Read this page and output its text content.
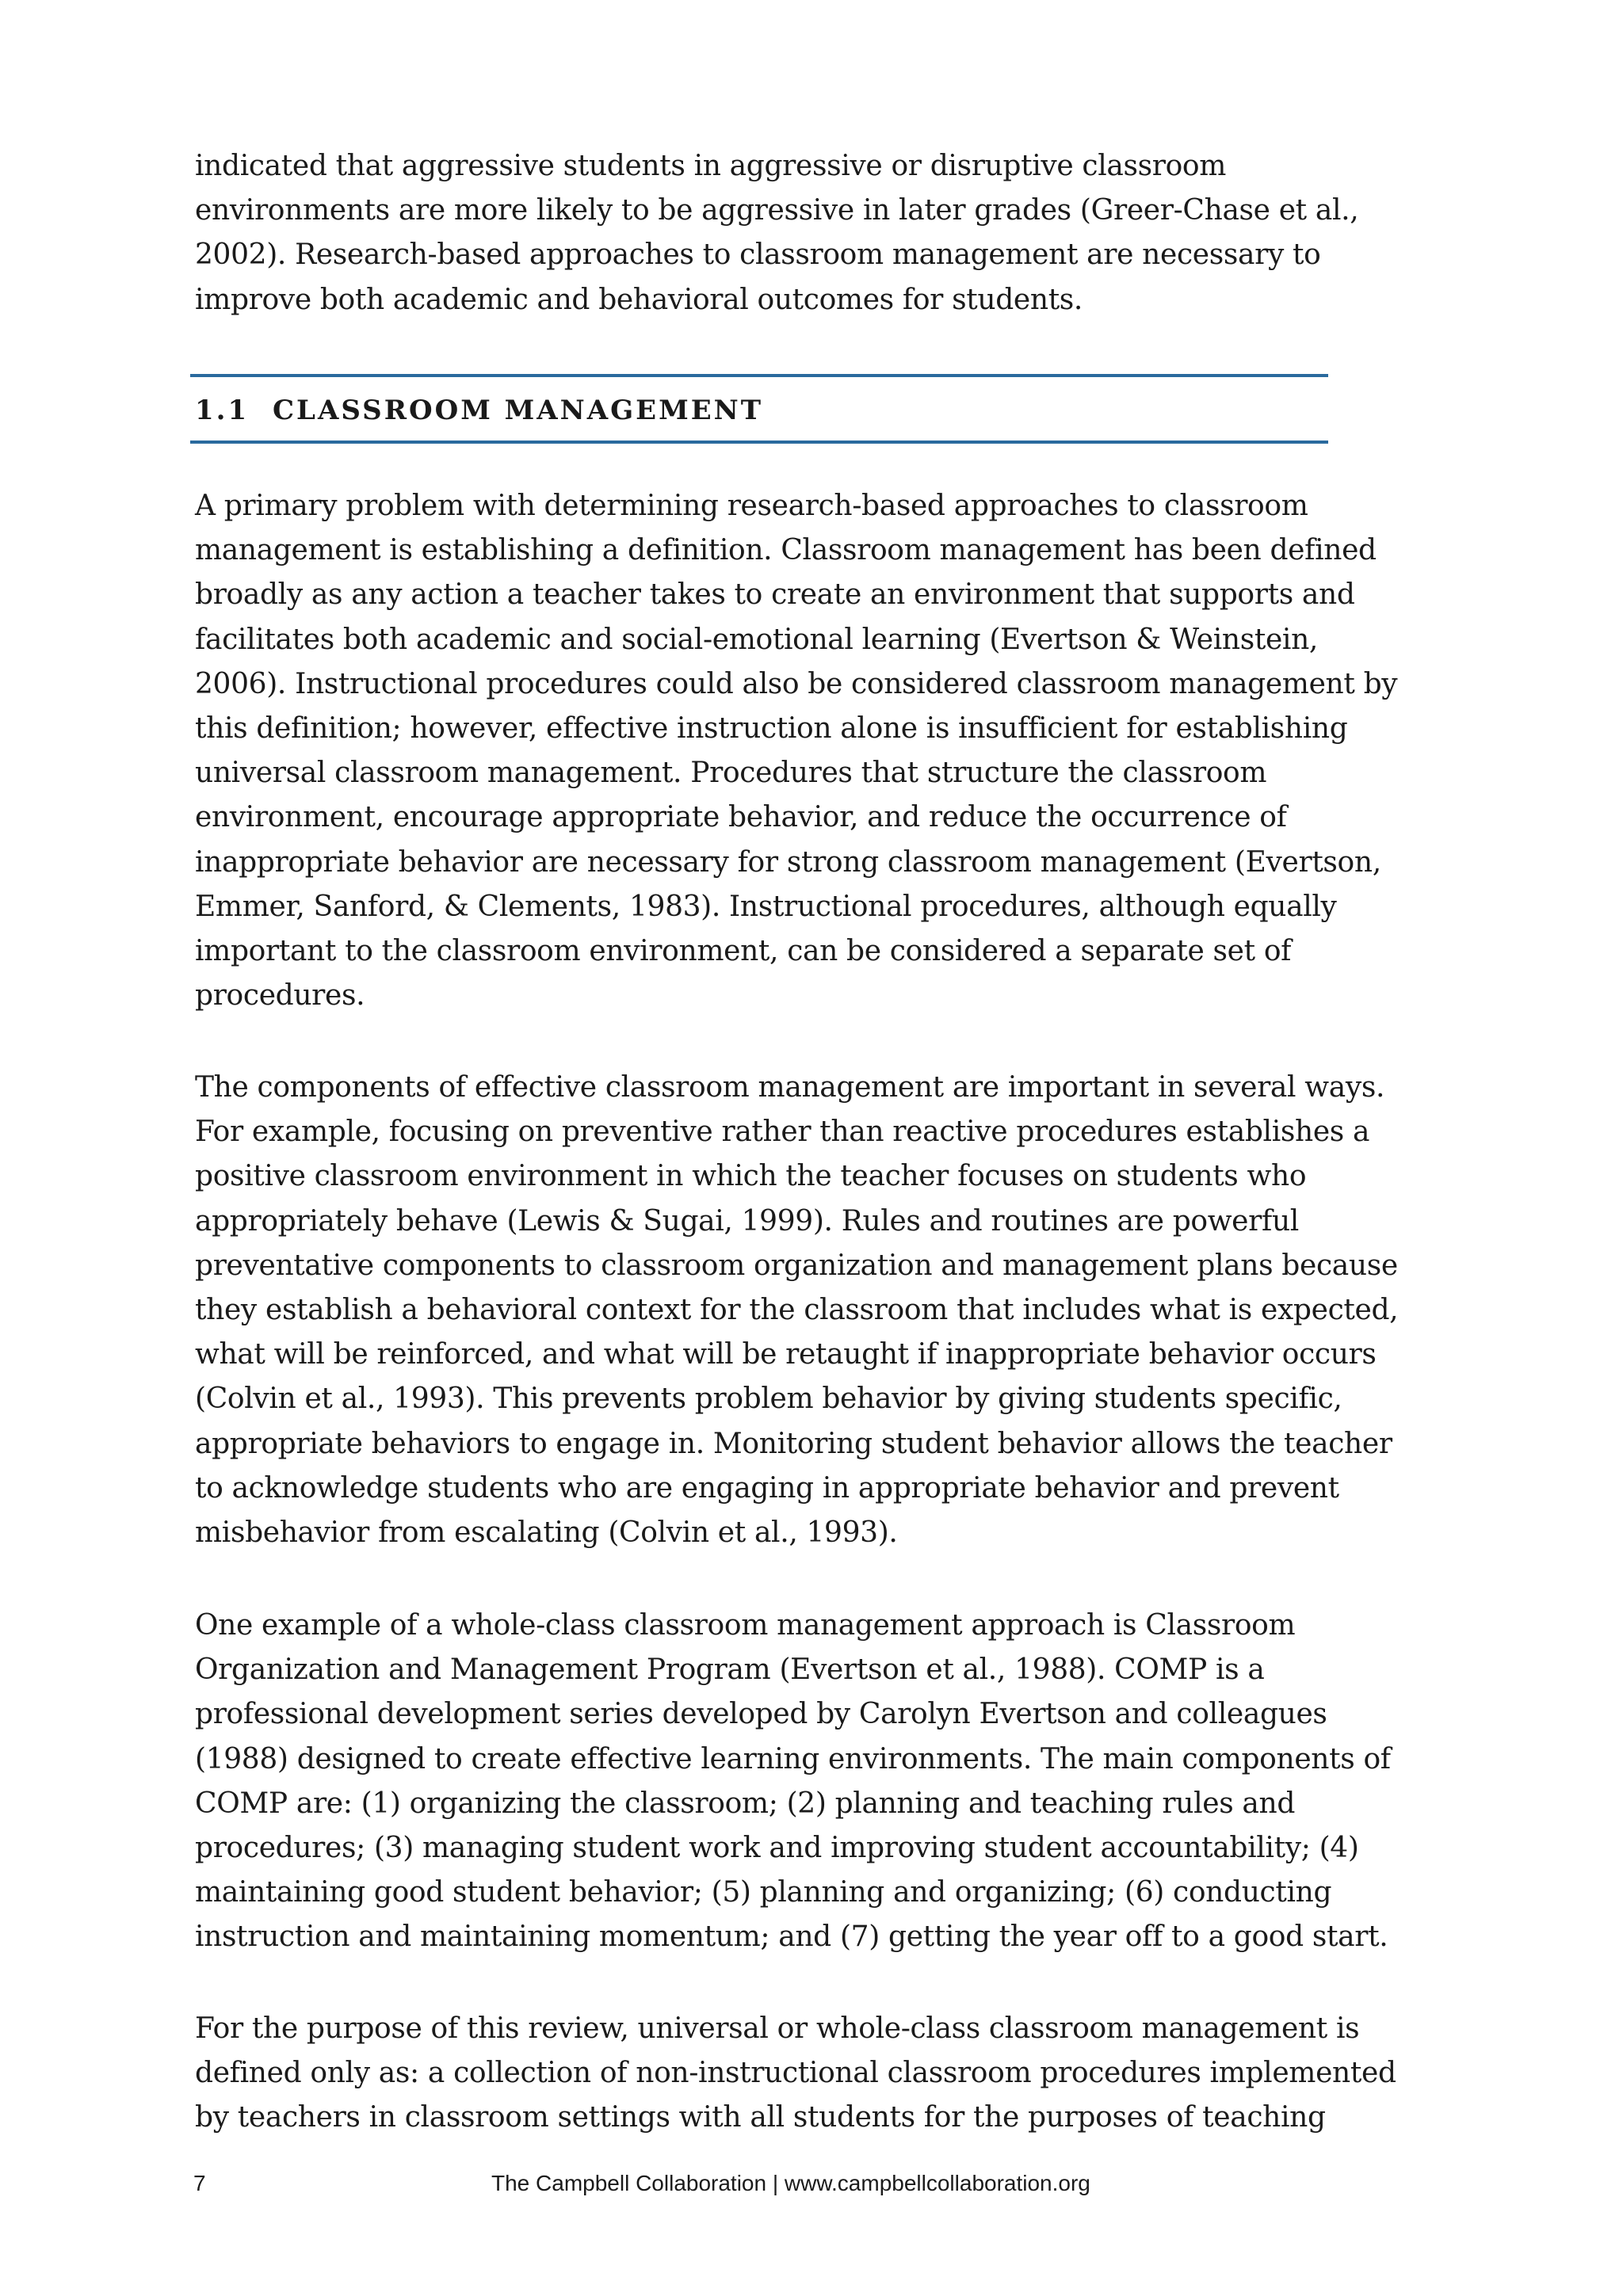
indicated that aggressive students in aggressive or disruptive classroom
environments are more likely to be aggressive in later grades (Greer-Chase et al.,
2002). Research-based approaches to classroom management are necessary to
improve both academic and behavioral outcomes for students.
1.1 CLASSROOM MANAGEMENT
A primary problem with determining research-based approaches to classroom
management is establishing a definition. Classroom management has been defined
broadly as any action a teacher takes to create an environment that supports and
facilitates both academic and social-emotional learning (Evertson & Weinstein,
2006). Instructional procedures could also be considered classroom management by
this definition; however, effective instruction alone is insufficient for establishing
universal classroom management. Procedures that structure the classroom
environment, encourage appropriate behavior, and reduce the occurrence of
inappropriate behavior are necessary for strong classroom management (Evertson,
Emmer, Sanford, & Clements, 1983). Instructional procedures, although equally
important to the classroom environment, can be considered a separate set of
procedures.
The components of effective classroom management are important in several ways.
For example, focusing on preventive rather than reactive procedures establishes a
positive classroom environment in which the teacher focuses on students who
appropriately behave (Lewis & Sugai, 1999). Rules and routines are powerful
preventative components to classroom organization and management plans because
they establish a behavioral context for the classroom that includes what is expected,
what will be reinforced, and what will be retaught if inappropriate behavior occurs
(Colvin et al., 1993). This prevents problem behavior by giving students specific,
appropriate behaviors to engage in. Monitoring student behavior allows the teacher
to acknowledge students who are engaging in appropriate behavior and prevent
misbehavior from escalating (Colvin et al., 1993).
One example of a whole-class classroom management approach is Classroom
Organization and Management Program (Evertson et al., 1988). COMP is a
professional development series developed by Carolyn Evertson and colleagues
(1988) designed to create effective learning environments. The main components of
COMP are: (1) organizing the classroom; (2) planning and teaching rules and
procedures; (3) managing student work and improving student accountability; (4)
maintaining good student behavior; (5) planning and organizing; (6) conducting
instruction and maintaining momentum; and (7) getting the year off to a good start.
For the purpose of this review, universal or whole-class classroom management is
defined only as: a collection of non-instructional classroom procedures implemented
by teachers in classroom settings with all students for the purposes of teaching
7	The Campbell Collaboration | www.campbellcollaboration.org
